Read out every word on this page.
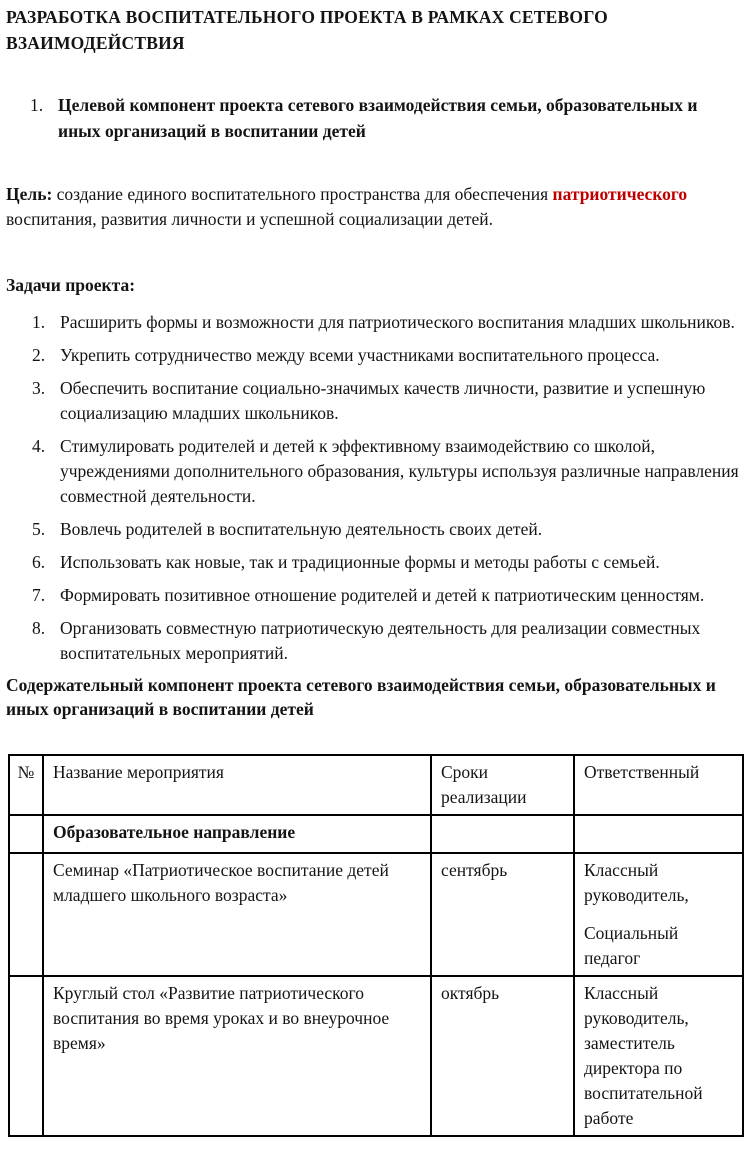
РАЗРАБОТКА ВОСПИТАТЕЛЬНОГО ПРОЕКТА В РАМКАХ СЕТЕВОГО ВЗАИМОДЕЙСТВИЯ
1. Целевой компонент проекта сетевого взаимодействия семьи, образовательных и иных организаций в воспитании детей

Цель: создание единого воспитательного пространства для обеспечения патриотического воспитания, развития личности и успешной социализации детей.

Задачи проекта:
Расширить формы и возможности для патриотического воспитания младших школьников.
Укрепить сотрудничество между всеми участниками воспитательного процесса.
Обеспечить воспитание социально-значимых качеств личности, развитие и успешную социализацию младших школьников.
Стимулировать родителей и детей к эффективному взаимодействию со школой, учреждениями дополнительного образования, культуры используя различные направления совместной деятельности.
Вовлечь родителей в воспитательную деятельность своих детей.
Использовать как новые, так и традиционные формы и методы работы с семьей.
Формировать позитивное отношение родителей и детей к патриотическим ценностям.
Организовать совместную патриотическую деятельность для реализации совместных воспитательных мероприятий.
Содержательный компонент проекта сетевого взаимодействия семьи, образовательных и иных организаций в воспитании детей
№	Название мероприятия	Сроки реализации	Ответственный
	Образовательное направление		
	Семинар «Патриотическое воспитание детей младшего школьного возраста»	сентябрь	Классный руководитель,

Социальный педагог

	Круглый стол «Развитие патриотического воспитания во время уроках и во внеурочное время»	октябрь	Классный руководитель, заместитель директора по воспитательной работе
